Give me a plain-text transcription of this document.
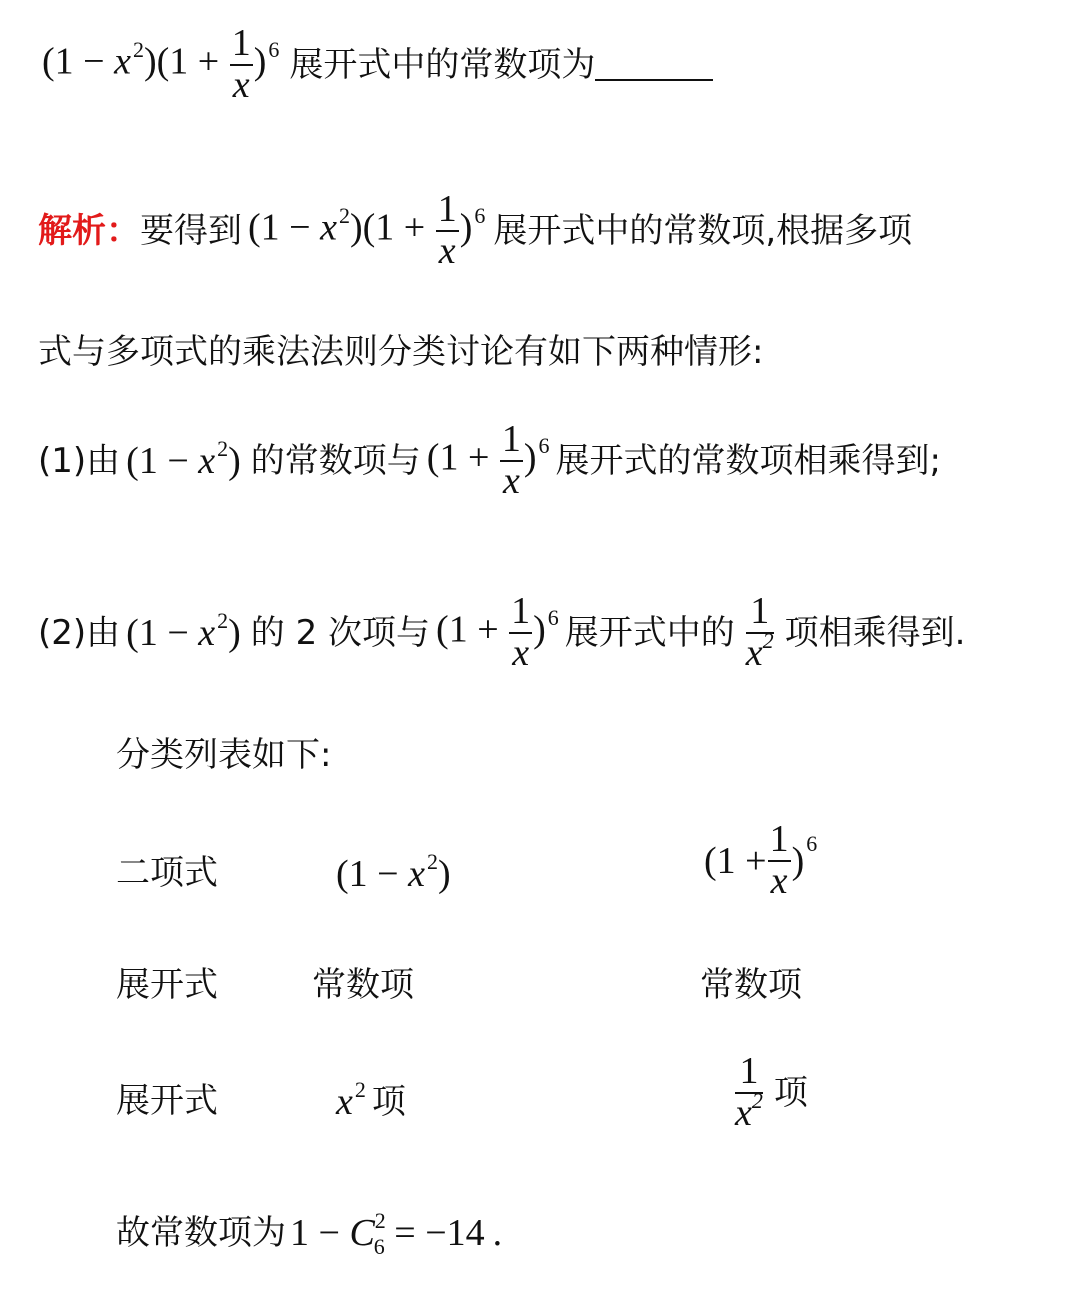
$(1 - x^2)(1 + \frac{1}{x} )^6$ 展开式中的常数项为
解析： 要得到 $(1 - x^2)(1 + \frac{1}{x} )^6$ 展开式中的常数项,根据多项
式与多项式的乘法法则分类讨论有如下两种情形:
(1)由 $(1 - x^2)$ 的常数项与 $(1 + \frac{1}{x} )^6$ 展开式的常数项相乘得到;
(2)由 $(1 - x^2)$ 的 2 次项与 $(1 + \frac{1}{x} )^6$ 展开式中的 $\frac{1}{x^2}$ 项相乘得到.
分类列表如下:
二项式	$(1 - x^2)$	($1 + \frac{1}{x}$ ) 6
展开式	常数项	常数项
展开式	$x^2$ 项	$\frac{1}{x^2}$ 项
故常数项为 $1 - C^2_6 = -14$ .
